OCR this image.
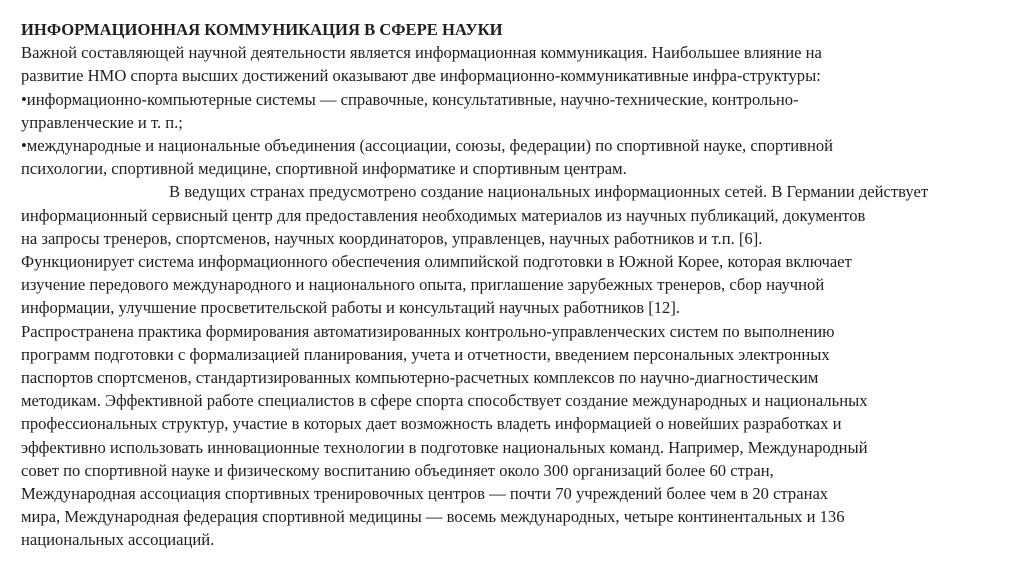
ИНФОРМАЦИОННАЯ КОММУНИКАЦИЯ В СФЕРЕ НАУКИ
Важной составляющей научной деятельности является информационная коммуникация. Наибольшее влияние на
развитие НМО спорта высших достижений оказывают две информационно-коммуникативные инфра-структуры:
•информационно-компьютерные системы — справочные, консультативные, научно-технические, контрольно-
управленческие и т. п.;
•международные и национальные объединения (ассоциации, союзы, федерации) по спортивной науке, спортивной
психологии, спортивной медицине, спортивной информатике и спортивным центрам.
В ведущих странах предусмотрено создание национальных информационных сетей. В Германии действует
информационный сервисный центр для предоставления необходимых материалов из научных публикаций, документов
на запросы тренеров, спортсменов, научных координаторов, управленцев, научных работников и т.п. [6].
Функционирует система информационного обеспечения олимпийской подготовки в Южной Корее, которая включает
изучение передового международного и национального опыта, приглашение зарубежных тренеров, сбор научной
информации, улучшение просветительской работы и консультаций научных работников [12].
Распространена практика формирования автоматизированных контрольно-управленческих систем по выполнению
программ подготовки с формализацией планирования, учета и отчетности, введением персональных электронных
паспортов спортсменов, стандартизированных компьютерно-расчетных комплексов по научно-диагностическим
методикам. Эффективной работе специалистов в сфере спорта способствует создание международных и национальных
профессиональных структур, участие в которых дает возможность владеть информацией о новейших разработках и
эффективно использовать инновационные технологии в подготовке национальных команд. Например, Международный
совет по спортивной науке и физическому воспитанию объединяет около 300 организаций более 60 стран,
Международная ассоциация спортивных тренировочных центров — почти 70 учреждений более чем в 20 странах
мира, Международная федерация спортивной медицины — восемь международных, четыре континентальных и 136
национальных ассоциаций.
